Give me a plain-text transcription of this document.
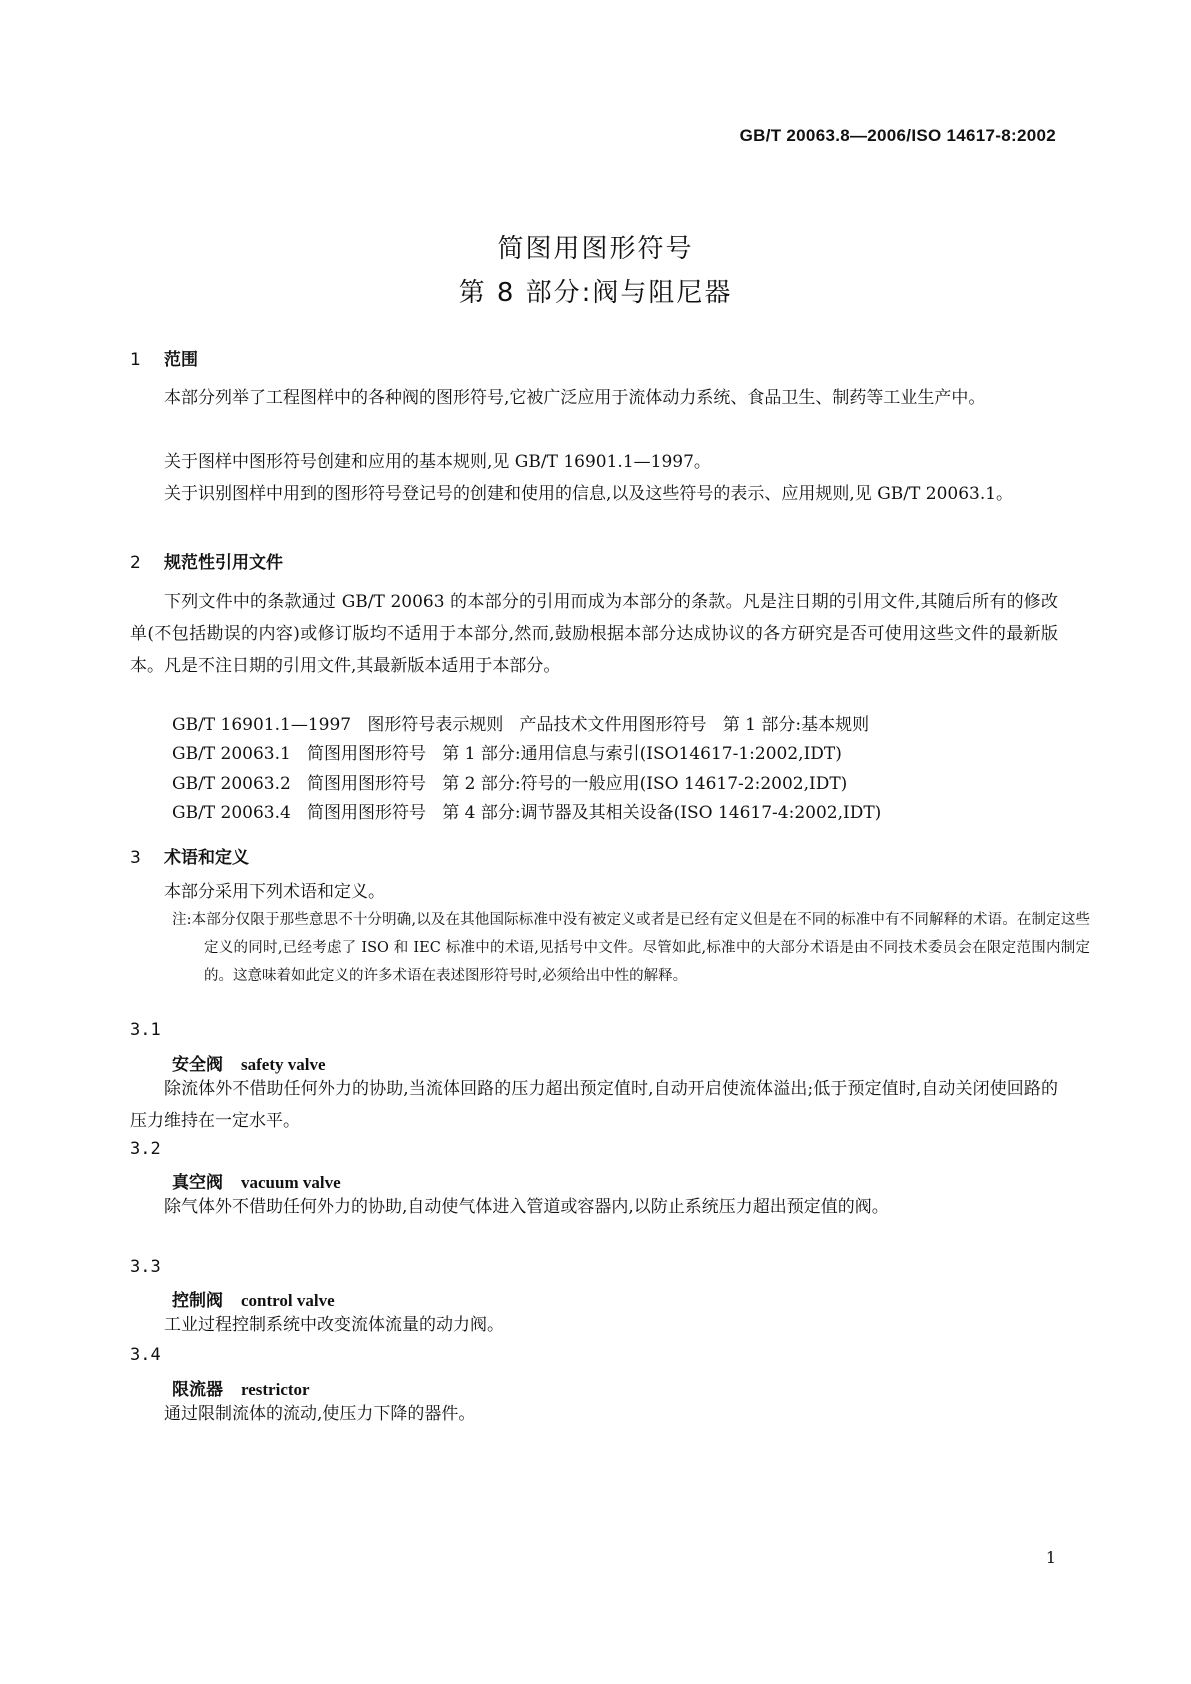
GB/T 20063.8—2006/ISO 14617-8:2002
简图用图形符号
第 8 部分:阀与阻尼器
1 范围
本部分列举了工程图样中的各种阀的图形符号,它被广泛应用于流体动力系统、食品卫生、制药等工业生产中。
关于图样中图形符号创建和应用的基本规则,见 GB/T 16901.1—1997。
关于识别图样中用到的图形符号登记号的创建和使用的信息,以及这些符号的表示、应用规则,见 GB/T 20063.1。
2 规范性引用文件
下列文件中的条款通过 GB/T 20063 的本部分的引用而成为本部分的条款。凡是注日期的引用文件,其随后所有的修改单(不包括勘误的内容)或修订版均不适用于本部分,然而,鼓励根据本部分达成协议的各方研究是否可使用这些文件的最新版本。凡是不注日期的引用文件,其最新版本适用于本部分。
GB/T 16901.1—1997   图形符号表示规则   产品技术文件用图形符号   第 1 部分:基本规则
GB/T 20063.1   简图用图形符号   第 1 部分:通用信息与索引(ISO14617-1:2002,IDT)
GB/T 20063.2   简图用图形符号   第 2 部分:符号的一般应用(ISO 14617-2:2002,IDT)
GB/T 20063.4   简图用图形符号   第 4 部分:调节器及其相关设备(ISO 14617-4:2002,IDT)
3 术语和定义
本部分采用下列术语和定义。
注:本部分仅限于那些意思不十分明确,以及在其他国际标准中没有被定义或者是已经有定义但是在不同的标准中有不同解释的术语。在制定这些定义的同时,已经考虑了 ISO 和 IEC 标准中的术语,见括号中文件。尽管如此,标准中的大部分术语是由不同技术委员会在限定范围内制定的。这意味着如此定义的许多术语在表述图形符号时,必须给出中性的解释。
3.1
安全阀 safety valve
除流体外不借助任何外力的协助,当流体回路的压力超出预定值时,自动开启使流体溢出;低于预定值时,自动关闭使回路的压力维持在一定水平。
3.2
真空阀 vacuum valve
除气体外不借助任何外力的协助,自动使气体进入管道或容器内,以防止系统压力超出预定值的阀。
3.3
控制阀 control valve
工业过程控制系统中改变流体流量的动力阀。
3.4
限流器 restrictor
通过限制流体的流动,使压力下降的器件。
1
